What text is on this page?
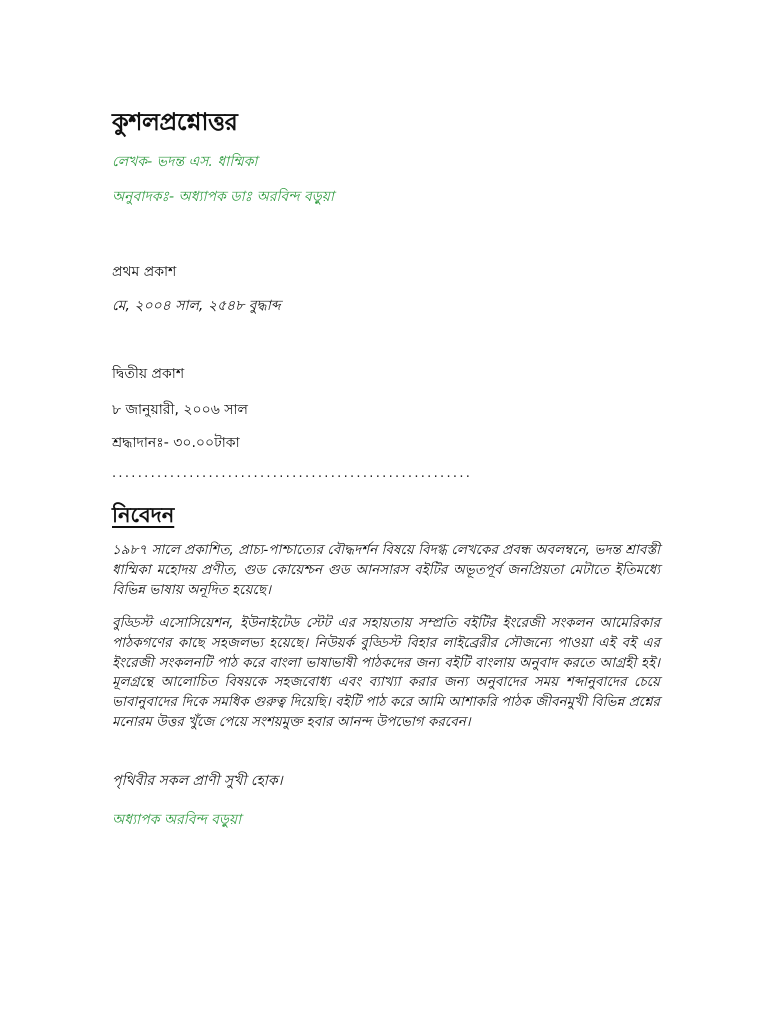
কুশলপ্রশ্নোত্তর

লেখক- ভদন্ত এস. ধাম্মিকা

অনুবাদকঃ- অধ্যাপক ডাঃ অরবিন্দ বড়ুয়া

প্রথম প্রকাশ

মে, ২০০৪ সাল, ২৫৪৮ বুদ্ধাব্দ

দ্বিতীয় প্রকাশ

৮ জানুয়ারী, ২০০৬ সাল

শ্রদ্ধাদানঃ- ৩০.০০টাকা

........................................................
নিবেদন

১৯৮৭ সালে প্রকাশিত, প্রাচ্য-পাশ্চাত্যের বৌদ্ধদর্শন বিষয়ে বিদগ্ধ লেখকের প্রবন্ধ অবলম্বনে, ভদন্ত শ্রাবস্তী ধাম্মিকা মহোদয় প্রণীত, গুড কোয়েশ্চন গুড আনসারস বইটির অভূতপূর্ব জনপ্রিয়তা মেটাতে ইতিমধ্যে বিভিন্ন ভাষায় অনূদিত হয়েছে।

বুড্ডিস্ট এসোসিয়েশন, ইউনাইটেড স্টেট এর সহায়তায় সম্প্রতি বইটির ইংরেজী সংকলন আমেরিকার পাঠকগণের কাছে সহজলভ্য হয়েছে। নিউয়র্ক বুড্ডিস্ট বিহার লাইব্রেরীর সৌজন্যে পাওয়া এই বই এর ইংরেজী সংকলনটি পাঠ করে বাংলা ভাষাভাষী পাঠকদের জন্য বইটি বাংলায় অনুবাদ করতে আগ্রহী হই। মূলগ্রন্থে আলোচিত বিষয়কে সহজবোধ্য এবং ব্যাখ্যা করার জন্য অনুবাদের সময় শব্দানুবাদের চেয়ে ভাবানুবাদের দিকে সমধিক গুরুত্ব দিয়েছি। বইটি পাঠ করে আমি আশাকরি পাঠক জীবনমুখী বিভিন্ন প্রশ্নের মনোরম উত্তর খুঁজে পেয়ে সংশয়মুক্ত হবার আনন্দ উপভোগ করবেন।

পৃথিবীর সকল প্রাণী সুখী হোক।

অধ্যাপক অরবিন্দ বড়ুয়া
